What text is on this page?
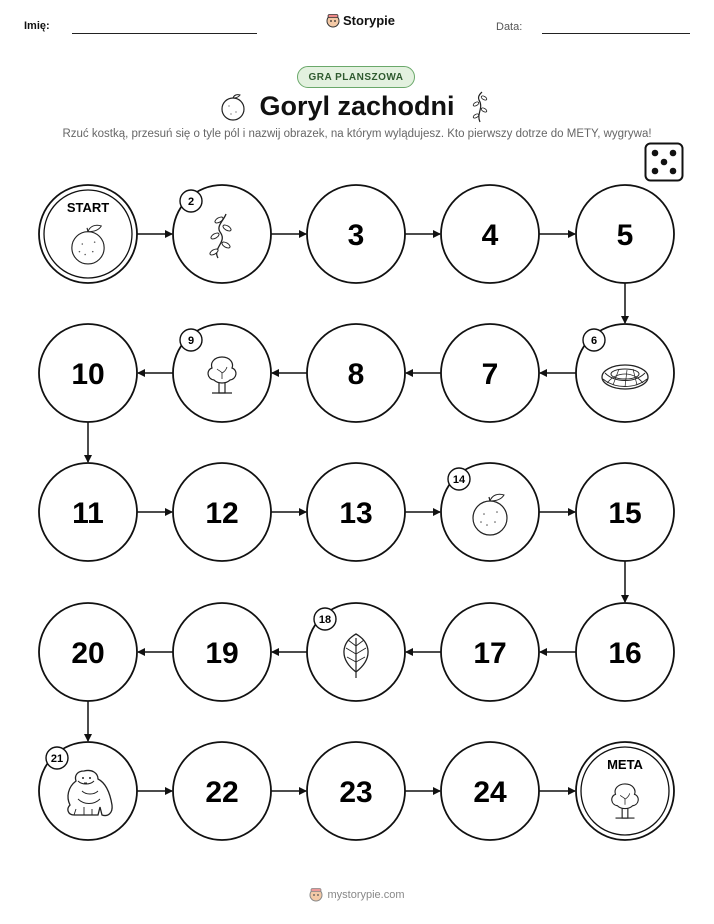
Imię:	Storypie	Data:
GRA PLANSZOWA
Goryl zachodni
Rzuć kostką, przesuń się o tyle pól i nazwij obrazek, na którym wylądujesz. Kto pierwszy dotrze do METY, wygrywa!
START	2
3	4	5
6
7
8
9
10
11	12	13
14
15
16
17
18
19
20
21
22	23	24
META
mystorypie.com
